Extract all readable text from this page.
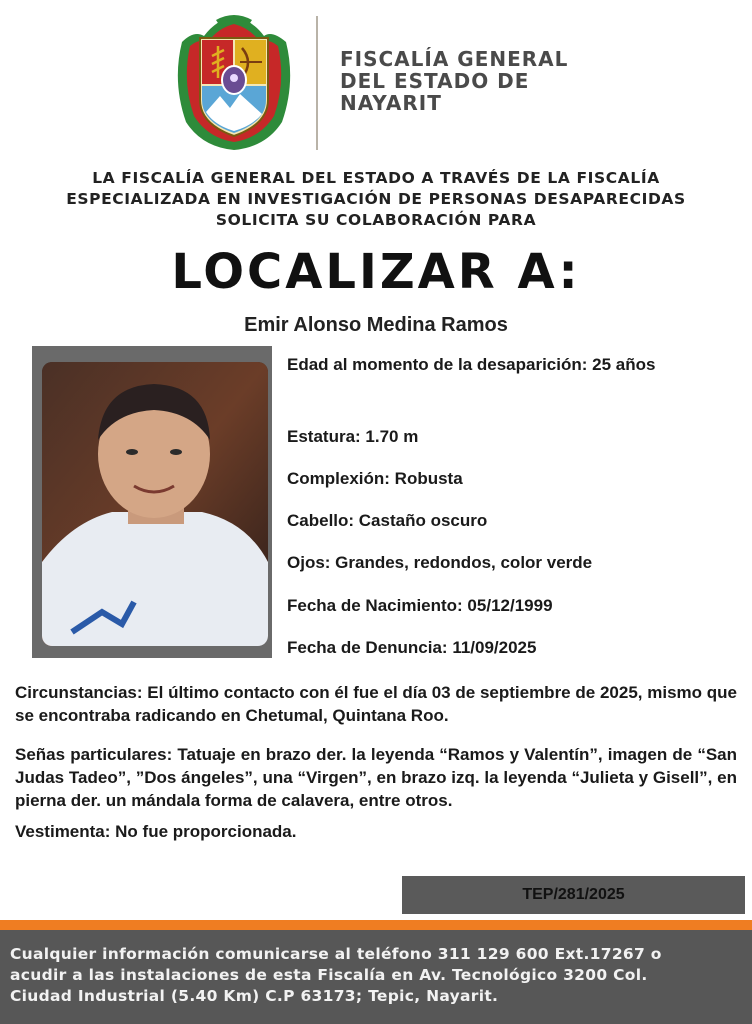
FISCALÍA GENERAL
DEL ESTADO DE
NAYARIT
LA FISCALÍA GENERAL DEL ESTADO A TRAVÉS DE LA FISCALÍA
ESPECIALIZADA EN INVESTIGACIÓN DE PERSONAS DESAPARECIDAS
SOLICITA SU COLABORACIÓN PARA
LOCALIZAR A:
Emir Alonso Medina Ramos
Edad al momento de la desaparición: 25 años
Estatura: 1.70 m
Complexión: Robusta
Cabello: Castaño oscuro
Ojos: Grandes, redondos, color verde
Fecha de Nacimiento: 05/12/1999
Fecha de Denuncia: 11/09/2025
Circunstancias: El último contacto con él fue el día 03 de septiembre de 2025, mismo que se encontraba radicando en Chetumal, Quintana Roo.
Señas particulares: Tatuaje en brazo der. la leyenda “Ramos y Valentín”, imagen de “San Judas Tadeo”, ”Dos ángeles”, una “Virgen”, en brazo izq. la leyenda “Julieta y Gisell”, en pierna der. un mándala forma de calavera, entre otros.
Vestimenta: No fue proporcionada.
TEP/281/2025
Cualquier información comunicarse al teléfono 311 129 600 Ext.17267 o
acudir a las instalaciones de esta Fiscalía en Av. Tecnológico 3200 Col.
Ciudad Industrial (5.40 Km) C.P 63173; Tepic, Nayarit.
